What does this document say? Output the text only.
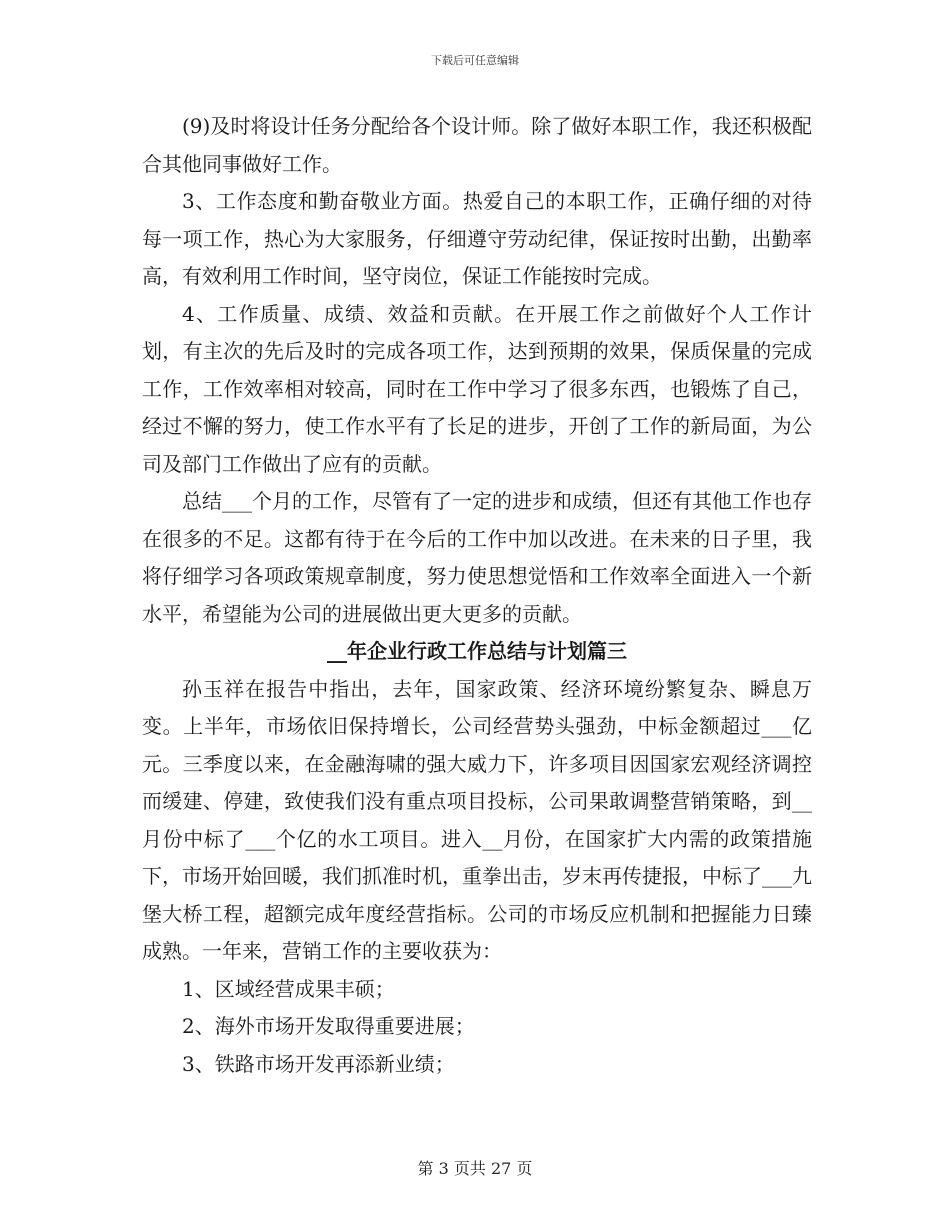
下载后可任意编辑

(9)及时将设计任务分配给各个设计师。除了做好本职工作，我还积极配合其他同事做好工作。

3、工作态度和勤奋敬业方面。热爱自己的本职工作，正确仔细的对待每一项工作，热心为大家服务，仔细遵守劳动纪律，保证按时出勤，出勤率高，有效利用工作时间，坚守岗位，保证工作能按时完成。

4、工作质量、成绩、效益和贡献。在开展工作之前做好个人工作计划，有主次的先后及时的完成各项工作，达到预期的效果，保质保量的完成工作，工作效率相对较高，同时在工作中学习了很多东西，也锻炼了自己，经过不懈的努力，使工作水平有了长足的进步，开创了工作的新局面，为公司及部门工作做出了应有的贡献。

总结___个月的工作，尽管有了一定的进步和成绩，但还有其他工作也存在很多的不足。这都有待于在今后的工作中加以改进。在未来的日子里，我将仔细学习各项政策规章制度，努力使思想觉悟和工作效率全面进入一个新水平，希望能为公司的进展做出更大更多的贡献。

__年企业行政工作总结与计划篇三

孙玉祥在报告中指出，去年，国家政策、经济环境纷繁复杂、瞬息万变。上半年，市场依旧保持增长，公司经营势头强劲，中标金额超过___亿元。三季度以来，在金融海啸的强大威力下，许多项目因国家宏观经济调控而缓建、停建，致使我们没有重点项目投标，公司果敢调整营销策略，到__月份中标了___个亿的水工项目。进入__月份，在国家扩大内需的政策措施下，市场开始回暖，我们抓准时机，重拳出击，岁末再传捷报，中标了___九堡大桥工程，超额完成年度经营指标。公司的市场反应机制和把握能力日臻成熟。一年来，营销工作的主要收获为：

1、区域经营成果丰硕；

2、海外市场开发取得重要进展；

3、铁路市场开发再添新业绩；

第 3 页共 27 页
